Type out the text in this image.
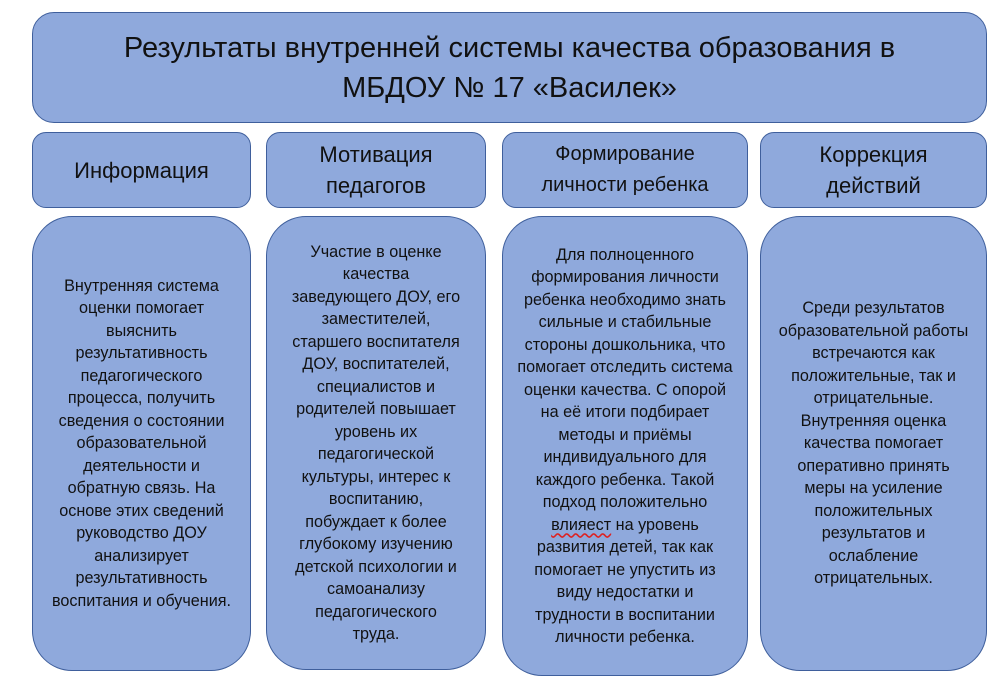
Результаты внутренней системы качества образования в МБДОУ № 17 «Василек»
Информация
Мотивация педагогов
Формирование личности ребенка
Коррекция действий
Внутренняя система оценки помогает выяснить результативность педагогического процесса, получить сведения о состоянии образовательной деятельности и обратную связь. На основе этих сведений руководство ДОУ анализирует результативность воспитания и обучения.
Участие в оценке качества заведующего ДОУ, его заместителей, старшего воспитателя ДОУ, воспитателей, специалистов и родителей повышает уровень их педагогической культуры, интерес к воспитанию, побуждает к более глубокому изучению детской психологии и самоанализу педагогического труда.
Для полноценного формирования личности ребенка необходимо знать сильные и стабильные стороны дошкольника, что помогает отследить система оценки качества. С опорой на её итоги подбирает методы и приёмы индивидуального для каждого ребенка. Такой подход положительно влияест на уровень развития детей, так как помогает не упустить из виду недостатки и трудности в воспитании личности ребенка.
Среди результатов образовательной работы встречаются как положительные, так и отрицательные. Внутренняя оценка качества помогает оперативно принять меры на усиление положительных результатов и ослабление отрицательных.
